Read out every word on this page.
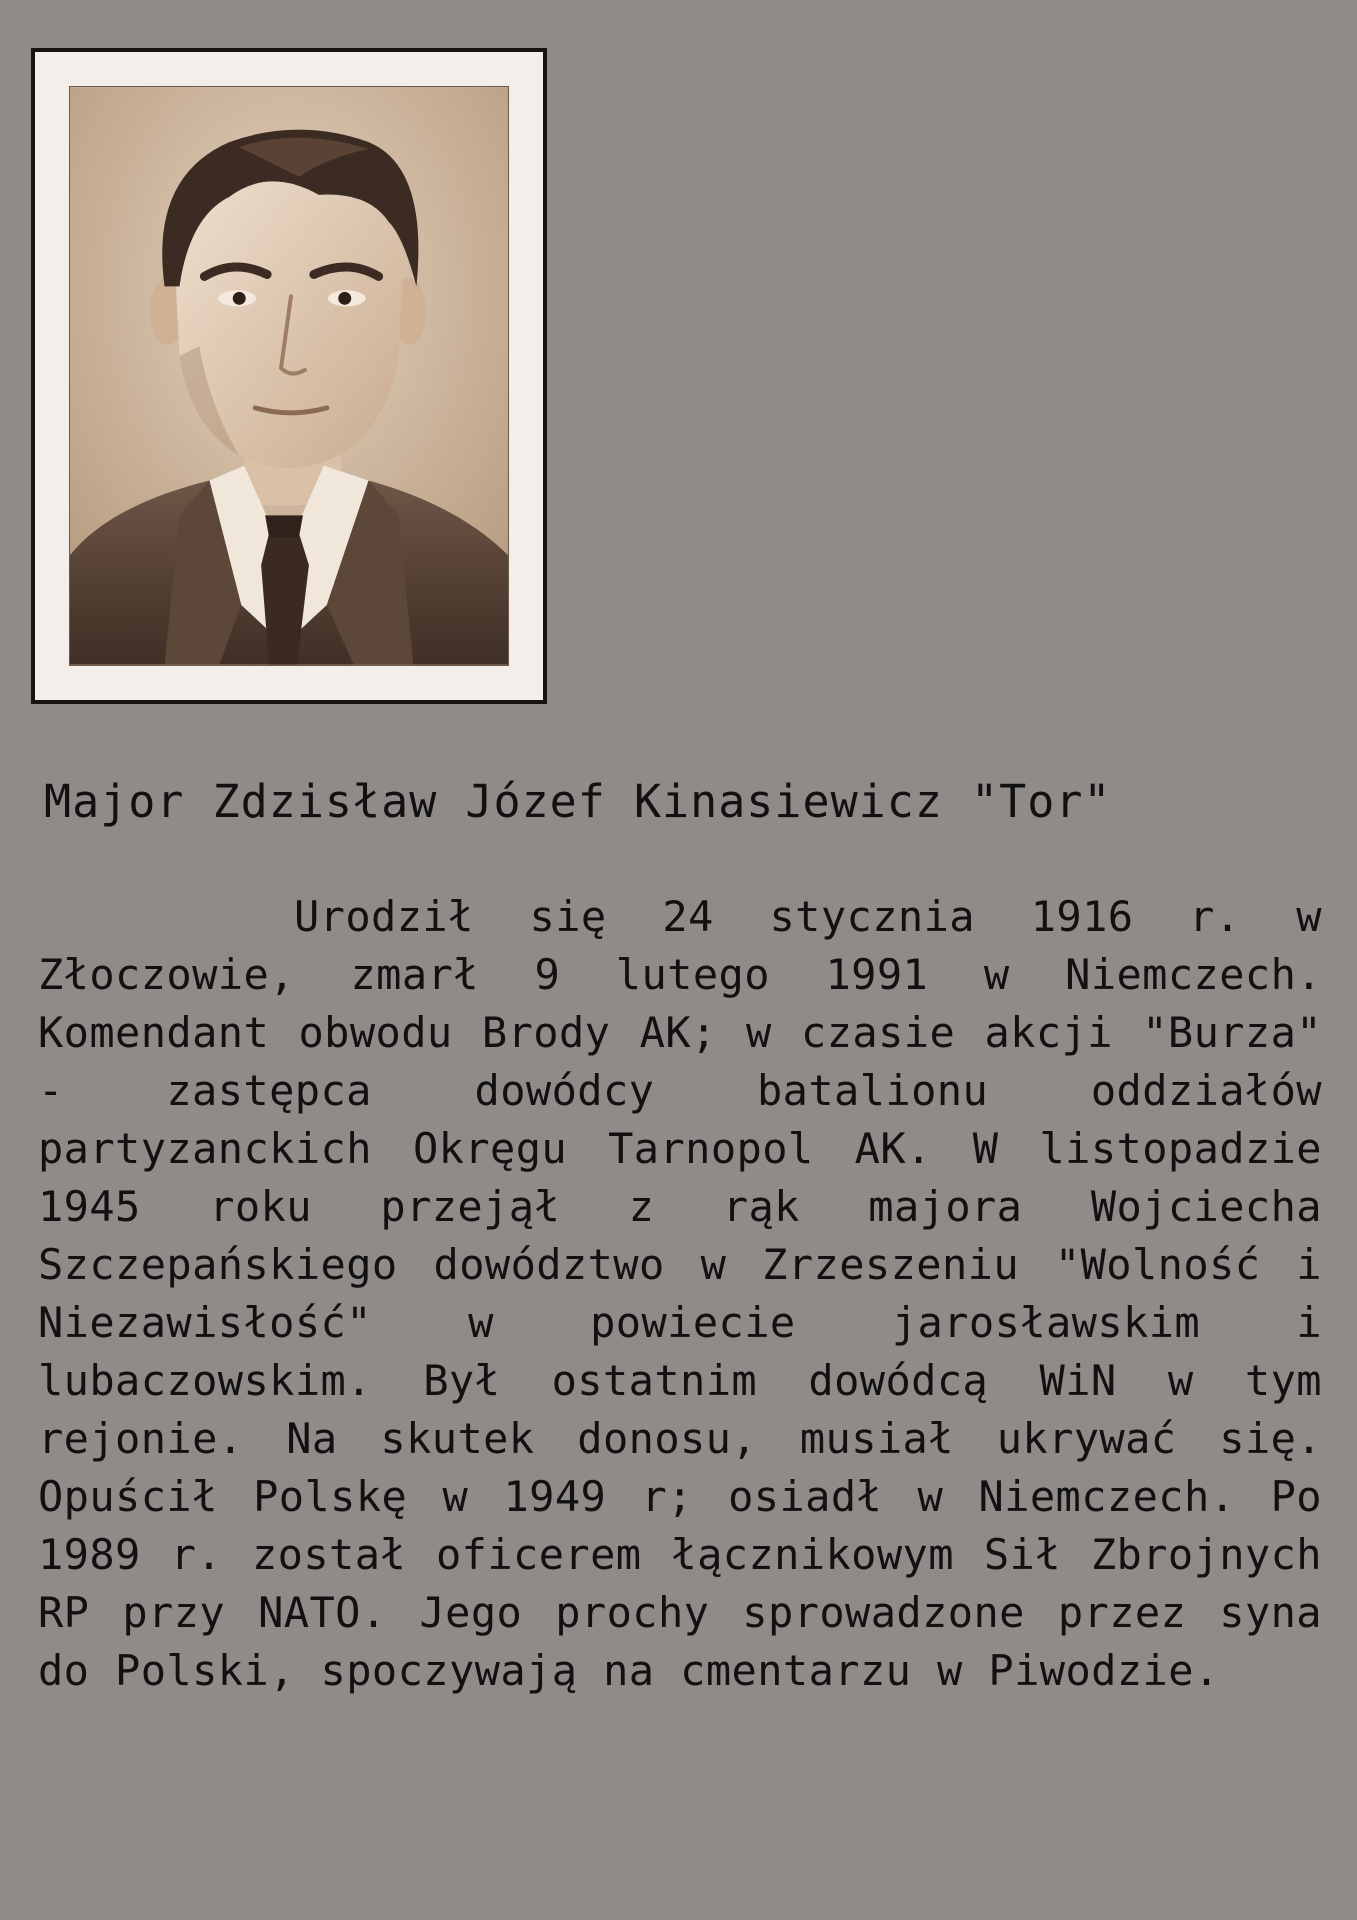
Major Zdzisław Józef Kinasiewicz "Tor"

Urodził się 24 stycznia 1916 r. w Złoczowie, zmarł 9 lutego 1991 w Niemczech. Komendant obwodu Brody AK; w czasie akcji "Burza" - zastępca dowódcy batalionu oddziałów partyzanckich Okręgu Tarnopol AK. W listopadzie 1945 roku przejął z rąk majora Wojciecha Szczepańskiego dowództwo w Zrzeszeniu "Wolność i Niezawisłość" w powiecie jarosławskim i lubaczowskim. Był ostatnim dowódcą WiN w tym rejonie. Na skutek donosu, musiał ukrywać się. Opuścił Polskę w 1949 r; osiadł w Niemczech. Po 1989 r. został oficerem łącznikowym Sił Zbrojnych RP przy NATO. Jego prochy sprowadzone przez syna do Polski, spoczywają na cmentarzu w Piwodzie.
